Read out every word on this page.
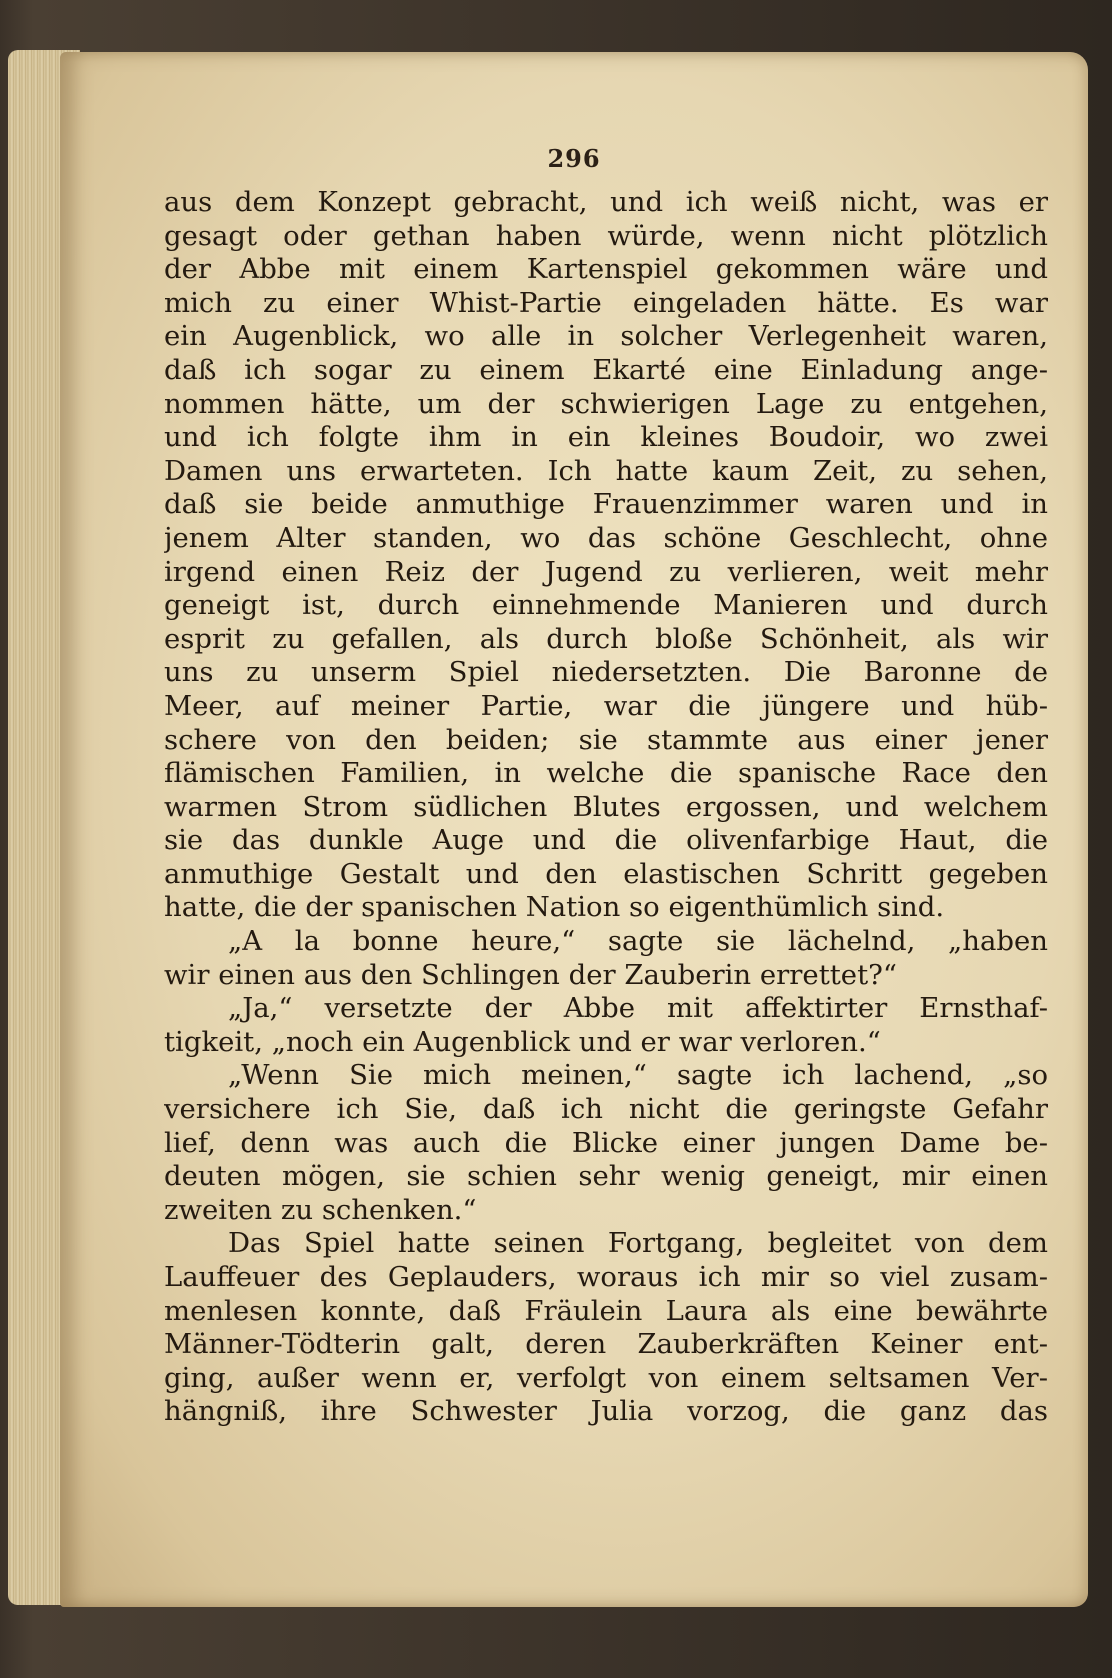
296
aus dem Konzept gebracht, und ich weiß nicht, was er
gesagt oder gethan haben würde, wenn nicht plötzlich
der Abbe mit einem Kartenspiel gekommen wäre und
mich zu einer Whist-Partie eingeladen hätte. Es war
ein Augenblick, wo alle in solcher Verlegenheit waren,
daß ich sogar zu einem Ekarté eine Einladung ange-
nommen hätte, um der schwierigen Lage zu entgehen,
und ich folgte ihm in ein kleines Boudoir, wo zwei
Damen uns erwarteten. Ich hatte kaum Zeit, zu sehen,
daß sie beide anmuthige Frauenzimmer waren und in
jenem Alter standen, wo das schöne Geschlecht, ohne
irgend einen Reiz der Jugend zu verlieren, weit mehr
geneigt ist, durch einnehmende Manieren und durch
esprit zu gefallen, als durch bloße Schönheit, als wir
uns zu unserm Spiel niedersetzten. Die Baronne de
Meer, auf meiner Partie, war die jüngere und hüb-
schere von den beiden; sie stammte aus einer jener
flämischen Familien, in welche die spanische Race den
warmen Strom südlichen Blutes ergossen, und welchem
sie das dunkle Auge und die olivenfarbige Haut, die
anmuthige Gestalt und den elastischen Schritt gegeben
hatte, die der spanischen Nation so eigenthümlich sind.
„A la bonne heure,“ sagte sie lächelnd, „haben
wir einen aus den Schlingen der Zauberin errettet?“
„Ja,“ versetzte der Abbe mit affektirter Ernsthaf-
tigkeit, „noch ein Augenblick und er war verloren.“
„Wenn Sie mich meinen,“ sagte ich lachend, „so
versichere ich Sie, daß ich nicht die geringste Gefahr
lief, denn was auch die Blicke einer jungen Dame be-
deuten mögen, sie schien sehr wenig geneigt, mir einen
zweiten zu schenken.“
Das Spiel hatte seinen Fortgang, begleitet von dem
Lauffeuer des Geplauders, woraus ich mir so viel zusam-
menlesen konnte, daß Fräulein Laura als eine bewährte
Männer-Tödterin galt, deren Zauberkräften Keiner ent-
ging, außer wenn er, verfolgt von einem seltsamen Ver-
hängniß, ihre Schwester Julia vorzog, die ganz das
